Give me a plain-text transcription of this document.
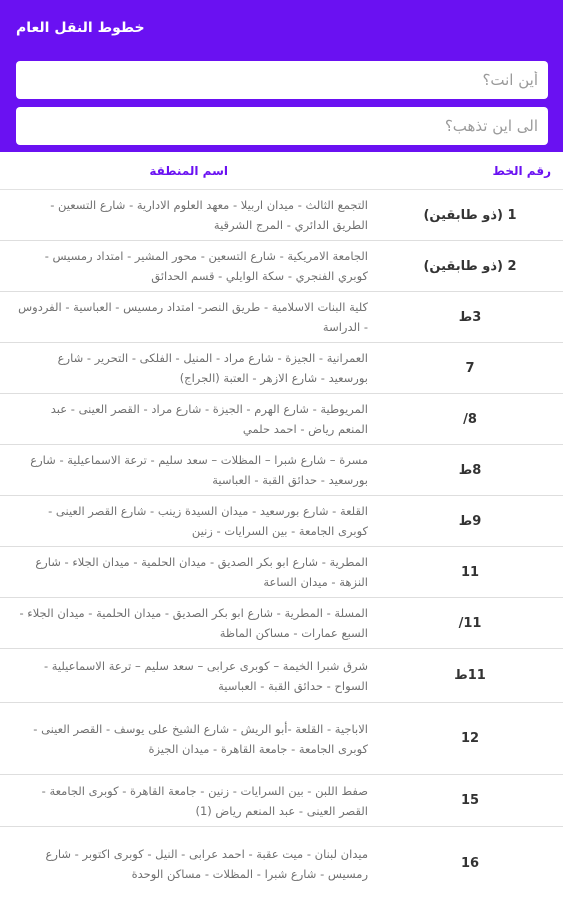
خطوط النقل العام
أين انت؟
الى اين تذهب؟
رقم الخط
اسم المنطقة
1 (ذو طابقين)
التجمع الثالث - ميدان اربيلا - معهد العلوم الادارية - شارع التسعين - الطريق الدائري - المرج الشرقية
2 (ذو طابقين)
الجامعة الامريكية - شارع التسعين - محور المشير - امتداد رمسيس - كوبري الفنجري - سكة الوايلي - قسم الحدائق
3ط
كلية البنات الاسلامية - طريق النصر- امتداد رمسيس - العباسية - الفردوس - الدراسة
7
العمرانية - الجيزة - شارع مراد - المنيل - الفلكى - التحرير - شارع بورسعيد - شارع الازهر - العتبة (الجراج)
8/
المريوطية - شارع الهرم - الجيزة - شارع مراد - القصر العينى - عبد المنعم رياض - احمد حلمي
8ط
مسرة – شارع شبرا – المظلات – سعد سليم - ترعة الاسماعيلية - شارع بورسعيد - حدائق القبة - العباسية
9ط
القلعة - شارع بورسعيد - ميدان السيدة زينب - شارع القصر العينى - كوبرى الجامعة - بين السرايات - زنين
11
المطرية - شارع ابو بكر الصديق - ميدان الحلمية - ميدان الجلاء - شارع النزهة - ميدان الساعة
11/
المسلة - المطرية - شارع ابو بكر الصديق - ميدان الحلمية - ميدان الجلاء - السبع عمارات - مساكن الماظة
11ط
شرق شبرا الخيمة – كوبرى عرابى – سعد سليم – ترعة الاسماعيلية - السواح - حدائق القبة - العباسية
12
الاباجية - القلعة -أبو الريش - شارع الشيخ على يوسف - القصر العينى - كوبرى الجامعة - جامعة القاهرة - ميدان الجيزة
15
صفط اللبن - بين السرايات - زنين - جامعة القاهرة - كوبرى الجامعة - القصر العينى - عبد المنعم رياض (1)
16
ميدان لبنان - ميت عقبة - احمد عرابى - النيل - كوبرى اكتوبر - شارع رمسيس - شارع شبرا - المظلات - مساكن الوحدة
